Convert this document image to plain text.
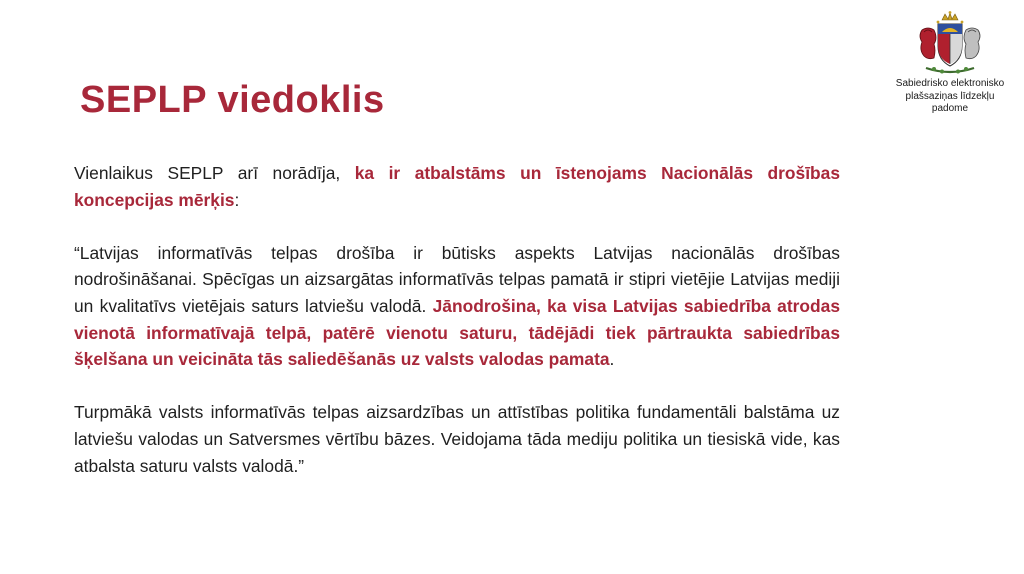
SEPLP viedoklis	Sabiedrisko elektronisko
plašsaziņas līdzekļu
padome

Vienlaikus SEPLP arī norādīja, ka ir atbalstāms un īstenojams Nacionālās drošības koncepcijas mērķis:

“Latvijas informatīvās telpas drošība ir būtisks aspekts Latvijas nacionālās drošības nodrošināšanai. Spēcīgas un aizsargātas informatīvās telpas pamatā ir stipri vietējie Latvijas mediji un kvalitatīvs vietējais saturs latviešu valodā. Jānodrošina, ka visa Latvijas sabiedrība atrodas vienotā informatīvajā telpā, patērē vienotu saturu, tādējādi tiek pārtraukta sabiedrības šķelšana un veicināta tās saliedēšanās uz valsts valodas pamata.

Turpmākā valsts informatīvās telpas aizsardzības un attīstības politika fundamentāli balstāma uz latviešu valodas un Satversmes vērtību bāzes. Veidojama tāda mediju politika un tiesiskā vide, kas atbalsta saturu valsts valodā.”
